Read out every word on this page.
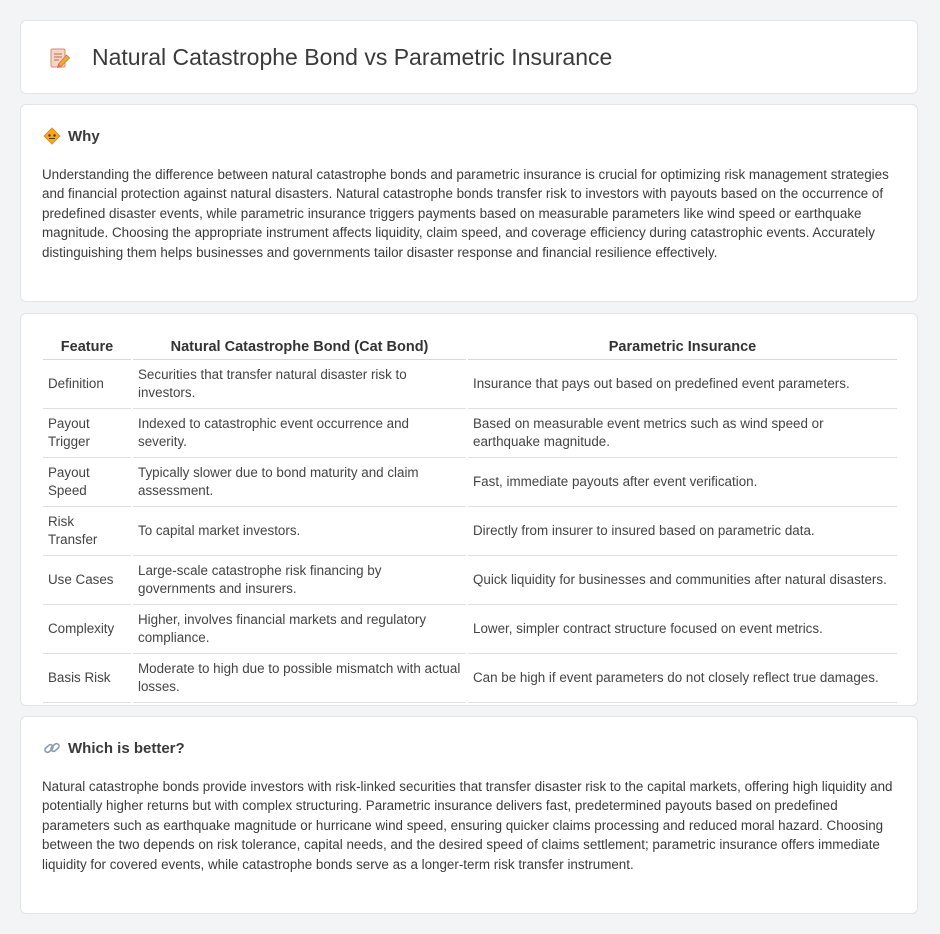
Natural Catastrophe Bond vs Parametric Insurance
Why
Understanding the difference between natural catastrophe bonds and parametric insurance is crucial for optimizing risk management strategies and financial protection against natural disasters. Natural catastrophe bonds transfer risk to investors with payouts based on the occurrence of predefined disaster events, while parametric insurance triggers payments based on measurable parameters like wind speed or earthquake magnitude. Choosing the appropriate instrument affects liquidity, claim speed, and coverage efficiency during catastrophic events. Accurately distinguishing them helps businesses and governments tailor disaster response and financial resilience effectively.
Feature	Natural Catastrophe Bond (Cat Bond)	Parametric Insurance
Definition	Securities that transfer natural disaster risk to investors.	Insurance that pays out based on predefined event parameters.
Payout Trigger	Indexed to catastrophic event occurrence and severity.	Based on measurable event metrics such as wind speed or earthquake magnitude.
Payout Speed	Typically slower due to bond maturity and claim assessment.	Fast, immediate payouts after event verification.
Risk Transfer	To capital market investors.	Directly from insurer to insured based on parametric data.
Use Cases	Large-scale catastrophe risk financing by governments and insurers.	Quick liquidity for businesses and communities after natural disasters.
Complexity	Higher, involves financial markets and regulatory compliance.	Lower, simpler contract structure focused on event metrics.
Basis Risk	Moderate to high due to possible mismatch with actual losses.	Can be high if event parameters do not closely reflect true damages.
Which is better?
Natural catastrophe bonds provide investors with risk-linked securities that transfer disaster risk to the capital markets, offering high liquidity and potentially higher returns but with complex structuring. Parametric insurance delivers fast, predetermined payouts based on predefined parameters such as earthquake magnitude or hurricane wind speed, ensuring quicker claims processing and reduced moral hazard. Choosing between the two depends on risk tolerance, capital needs, and the desired speed of claims settlement; parametric insurance offers immediate liquidity for covered events, while catastrophe bonds serve as a longer-term risk transfer instrument.
